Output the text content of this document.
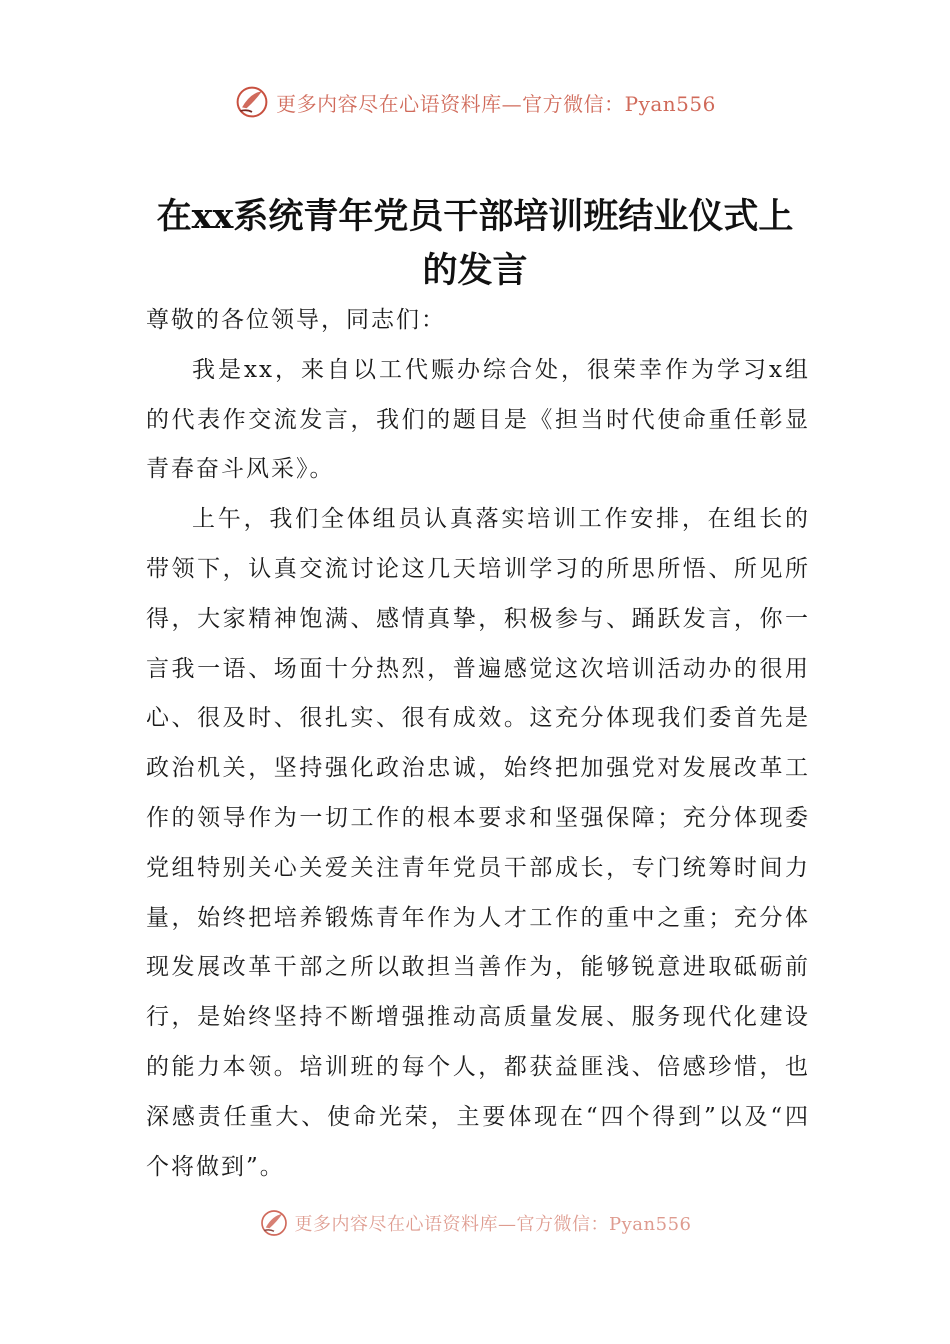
更多内容尽在心语资料库—官方微信：Pyan556
在xx系统青年党员干部培训班结业仪式上的发言

尊敬的各位领导，同志们：

我是xx，来自以工代赈办综合处，很荣幸作为学习x组的代表作交流发言，我们的题目是《担当时代使命重任彰显青春奋斗风采》。

上午，我们全体组员认真落实培训工作安排，在组长的带领下，认真交流讨论这几天培训学习的所思所悟、所见所得，大家精神饱满、感情真挚，积极参与、踊跃发言，你一言我一语、场面十分热烈，普遍感觉这次培训活动办的很用心、很及时、很扎实、很有成效。这充分体现我们委首先是政治机关，坚持强化政治忠诚，始终把加强党对发展改革工作的领导作为一切工作的根本要求和坚强保障；充分体现委党组特别关心关爱关注青年党员干部成长，专门统筹时间力量，始终把培养锻炼青年作为人才工作的重中之重；充分体现发展改革干部之所以敢担当善作为，能够锐意进取砥砺前行，是始终坚持不断增强推动高质量发展、服务现代化建设的能力本领。培训班的每个人，都获益匪浅、倍感珍惜，也深感责任重大、使命光荣，主要体现在“四个得到”以及“四个将做到”。

更多内容尽在心语资料库—官方微信：Pyan556
